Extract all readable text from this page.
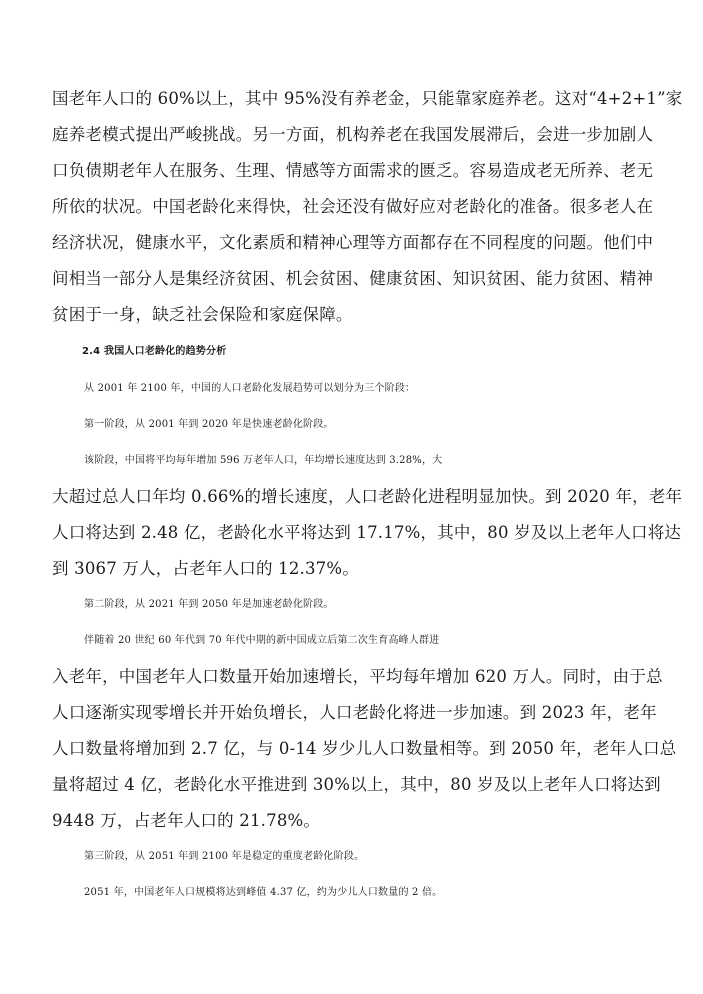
国老年人口的 60%以上，其中 95%没有养老金，只能靠家庭养老。这对“4+2+1”家
庭养老模式提出严峻挑战。另一方面，机构养老在我国发展滞后，会进一步加剧人
口负债期老年人在服务、生理、情感等方面需求的匮乏。容易造成老无所养、老无
所依的状况。中国老龄化来得快，社会还没有做好应对老龄化的准备。很多老人在
经济状况，健康水平，文化素质和精神心理等方面都存在不同程度的问题。他们中
间相当一部分人是集经济贫困、机会贫困、健康贫困、知识贫困、能力贫困、精神
贫困于一身，缺乏社会保险和家庭保障。
2.4 我国人口老龄化的趋势分析
从 2001 年 2100 年，中国的人口老龄化发展趋势可以划分为三个阶段：
第一阶段，从 2001 年到 2020 年是快速老龄化阶段。
该阶段，中国将平均每年增加 596 万老年人口，年均增长速度达到 3.28%，大
大超过总人口年均 0.66%的增长速度，人口老龄化进程明显加快。到 2020 年，老年
人口将达到 2.48 亿，老龄化水平将达到 17.17%，其中，80 岁及以上老年人口将达
到 3067 万人，占老年人口的 12.37%。
第二阶段，从 2021 年到 2050 年是加速老龄化阶段。
伴随着 20 世纪 60 年代到 70 年代中期的新中国成立后第二次生育高峰人群进
入老年，中国老年人口数量开始加速增长，平均每年增加 620 万人。同时，由于总
人口逐渐实现零增长并开始负增长，人口老龄化将进一步加速。到 2023 年，老年
人口数量将增加到 2.7 亿，与 0-14 岁少儿人口数量相等。到 2050 年，老年人口总
量将超过 4 亿，老龄化水平推进到 30%以上，其中，80 岁及以上老年人口将达到
9448 万，占老年人口的 21.78%。
第三阶段，从 2051 年到 2100 年是稳定的重度老龄化阶段。
2051 年，中国老年人口规模将达到峰值 4.37 亿，约为少儿人口数量的 2 倍。
